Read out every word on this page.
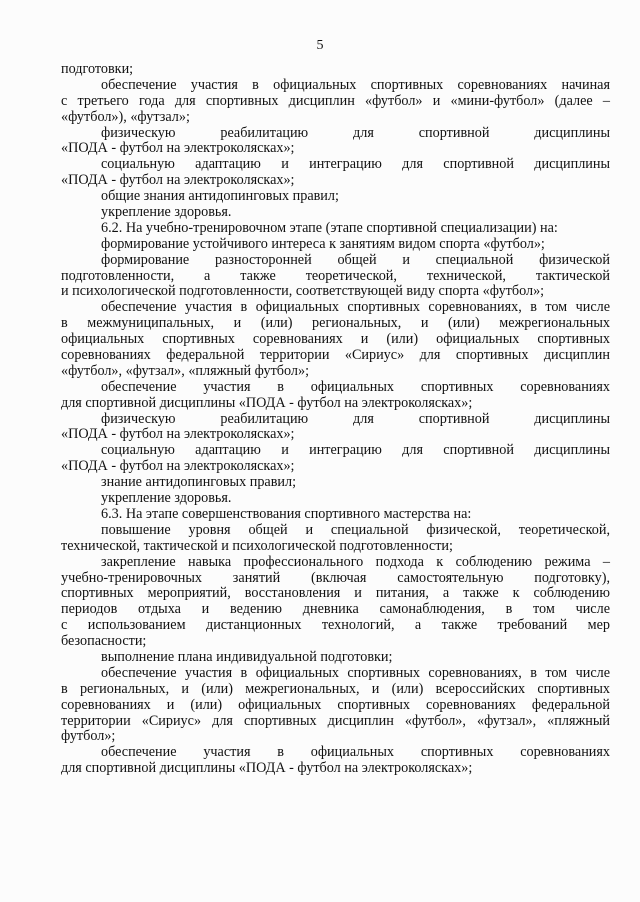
5
подготовки;
обеспечение участия в официальных спортивных соревнованиях начиная
с третьего года для спортивных дисциплин «футбол» и «мини-футбол» (далее –
«футбол»), «футзал»;
физическую реабилитацию для спортивной дисциплины
«ПОДА - футбол на электроколясках»;
социальную адаптацию и интеграцию для спортивной дисциплины
«ПОДА - футбол на электроколясках»;
общие знания антидопинговых правил;
укрепление здоровья.
6.2. На учебно-тренировочном этапе (этапе спортивной специализации) на:
формирование устойчивого интереса к занятиям видом спорта «футбол»;
формирование разносторонней общей и специальной физической
подготовленности, а также теоретической, технической, тактической
и психологической подготовленности, соответствующей виду спорта «футбол»;
обеспечение участия в официальных спортивных соревнованиях, в том числе
в межмуниципальных, и (или) региональных, и (или) межрегиональных
официальных спортивных соревнованиях и (или) официальных спортивных
соревнованиях федеральной территории «Сириус» для спортивных дисциплин
«футбол», «футзал», «пляжный футбол»;
обеспечение участия в официальных спортивных соревнованиях
для спортивной дисциплины «ПОДА - футбол на электроколясках»;
физическую реабилитацию для спортивной дисциплины
«ПОДА - футбол на электроколясках»;
социальную адаптацию и интеграцию для спортивной дисциплины
«ПОДА - футбол на электроколясках»;
знание антидопинговых правил;
укрепление здоровья.
6.3. На этапе совершенствования спортивного мастерства на:
повышение уровня общей и специальной физической, теоретической,
технической, тактической и психологической подготовленности;
закрепление навыка профессионального подхода к соблюдению режима –
учебно-тренировочных занятий (включая самостоятельную подготовку),
спортивных мероприятий, восстановления и питания, а также к соблюдению
периодов отдыха и ведению дневника самонаблюдения, в том числе
с использованием дистанционных технологий, а также требований мер
безопасности;
выполнение плана индивидуальной подготовки;
обеспечение участия в официальных спортивных соревнованиях, в том числе
в региональных, и (или) межрегиональных, и (или) всероссийских спортивных
соревнованиях и (или) официальных спортивных соревнованиях федеральной
территории «Сириус» для спортивных дисциплин «футбол», «футзал», «пляжный
футбол»;
обеспечение участия в официальных спортивных соревнованиях
для спортивной дисциплины «ПОДА - футбол на электроколясках»;
